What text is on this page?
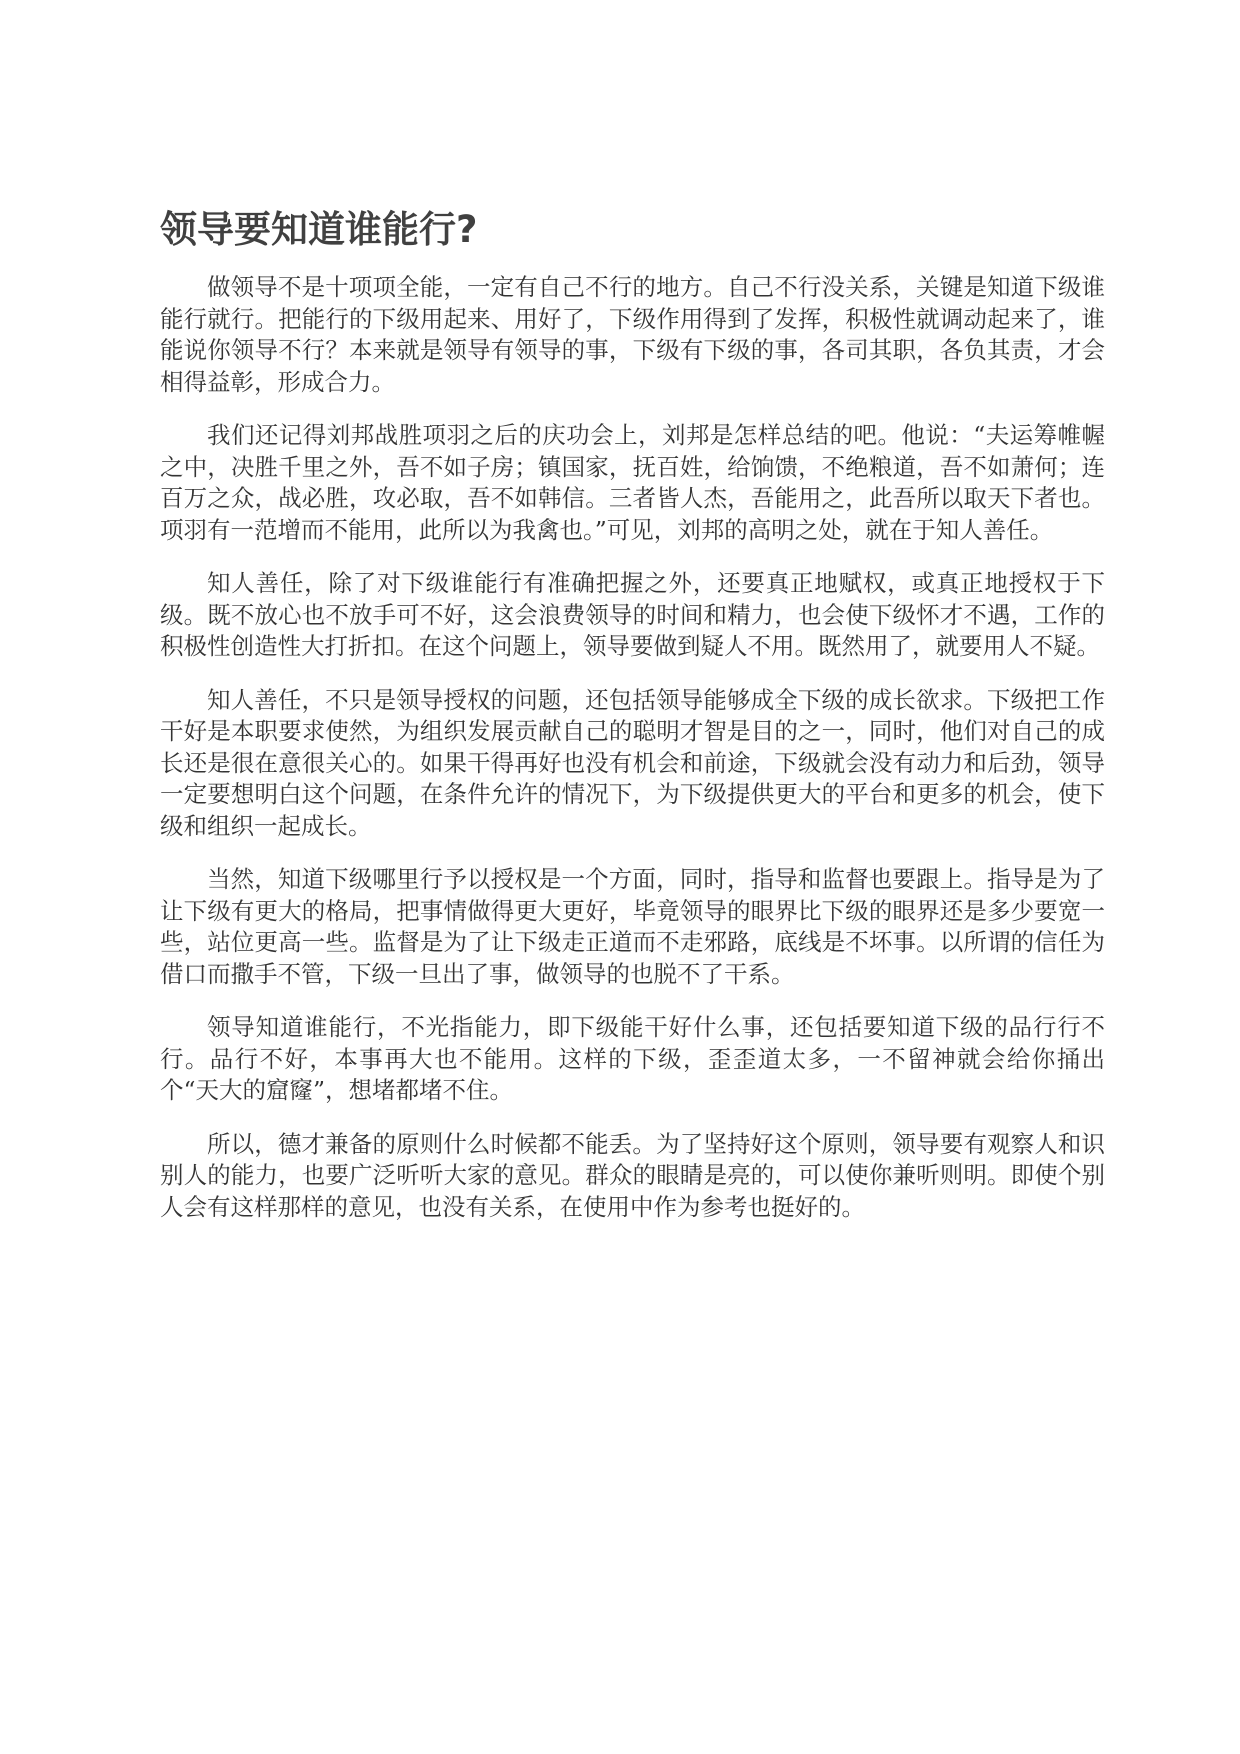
领导要知道谁能行?

做领导不是十项项全能，一定有自己不行的地方。自己不行没关系，关键是知道下级谁能行就行。把能行的下级用起来、用好了，下级作用得到了发挥，积极性就调动起来了，谁能说你领导不行？本来就是领导有领导的事，下级有下级的事，各司其职，各负其责，才会相得益彰，形成合力。

我们还记得刘邦战胜项羽之后的庆功会上，刘邦是怎样总结的吧。他说：“夫运筹帷幄之中，决胜千里之外，吾不如子房；镇国家，抚百姓，给饷馈，不绝粮道，吾不如萧何；连百万之众，战必胜，攻必取，吾不如韩信。三者皆人杰，吾能用之，此吾所以取天下者也。项羽有一范增而不能用，此所以为我禽也。”可见，刘邦的高明之处，就在于知人善任。

知人善任，除了对下级谁能行有准确把握之外，还要真正地赋权，或真正地授权于下级。既不放心也不放手可不好，这会浪费领导的时间和精力，也会使下级怀才不遇，工作的积极性创造性大打折扣。在这个问题上，领导要做到疑人不用。既然用了，就要用人不疑。

知人善任，不只是领导授权的问题，还包括领导能够成全下级的成长欲求。下级把工作干好是本职要求使然，为组织发展贡献自己的聪明才智是目的之一，同时，他们对自己的成长还是很在意很关心的。如果干得再好也没有机会和前途，下级就会没有动力和后劲，领导一定要想明白这个问题，在条件允许的情况下，为下级提供更大的平台和更多的机会，使下级和组织一起成长。

当然，知道下级哪里行予以授权是一个方面，同时，指导和监督也要跟上。指导是为了让下级有更大的格局，把事情做得更大更好，毕竟领导的眼界比下级的眼界还是多少要宽一些，站位更高一些。监督是为了让下级走正道而不走邪路，底线是不坏事。以所谓的信任为借口而撒手不管，下级一旦出了事，做领导的也脱不了干系。

领导知道谁能行，不光指能力，即下级能干好什么事，还包括要知道下级的品行行不行。品行不好，本事再大也不能用。这样的下级，歪歪道太多，一不留神就会给你捅出个“天大的窟窿”，想堵都堵不住。

所以，德才兼备的原则什么时候都不能丢。为了坚持好这个原则，领导要有观察人和识别人的能力，也要广泛听听大家的意见。群众的眼睛是亮的，可以使你兼听则明。即使个别人会有这样那样的意见，也没有关系，在使用中作为参考也挺好的。
